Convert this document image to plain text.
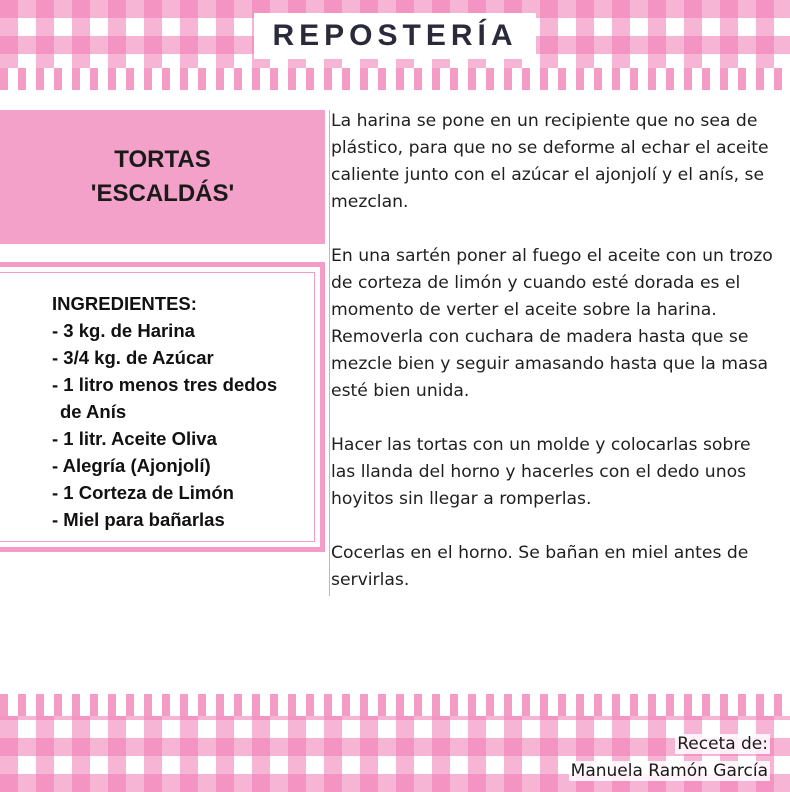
REPOSTERÍA
TORTAS
'ESCALDÁS'
INGREDIENTES:
- 3 kg. de Harina
- 3/4 kg. de Azúcar
- 1 litro menos tres dedos
de Anís
- 1 litr. Aceite Oliva
- Alegría (Ajonjolí)
- 1 Corteza de Limón
- Miel para bañarlas

La harina se pone en un recipiente que no sea de plástico, para que no se deforme al echar el aceite caliente junto con el azúcar el ajonjolí y el anís, se mezclan.

En una sartén poner al fuego el aceite con un trozo de corteza de limón y cuando esté dorada es el momento de verter el aceite sobre la harina. Removerla con cuchara de madera hasta que se mezcle bien y seguir amasando hasta que la masa esté bien unida.

Hacer las tortas con un molde y colocarlas sobre las llanda del horno y hacerles con el dedo unos hoyitos sin llegar a romperlas.

Cocerlas en el horno. Se bañan en miel antes de servirlas.

Receta de:
Manuela Ramón García
